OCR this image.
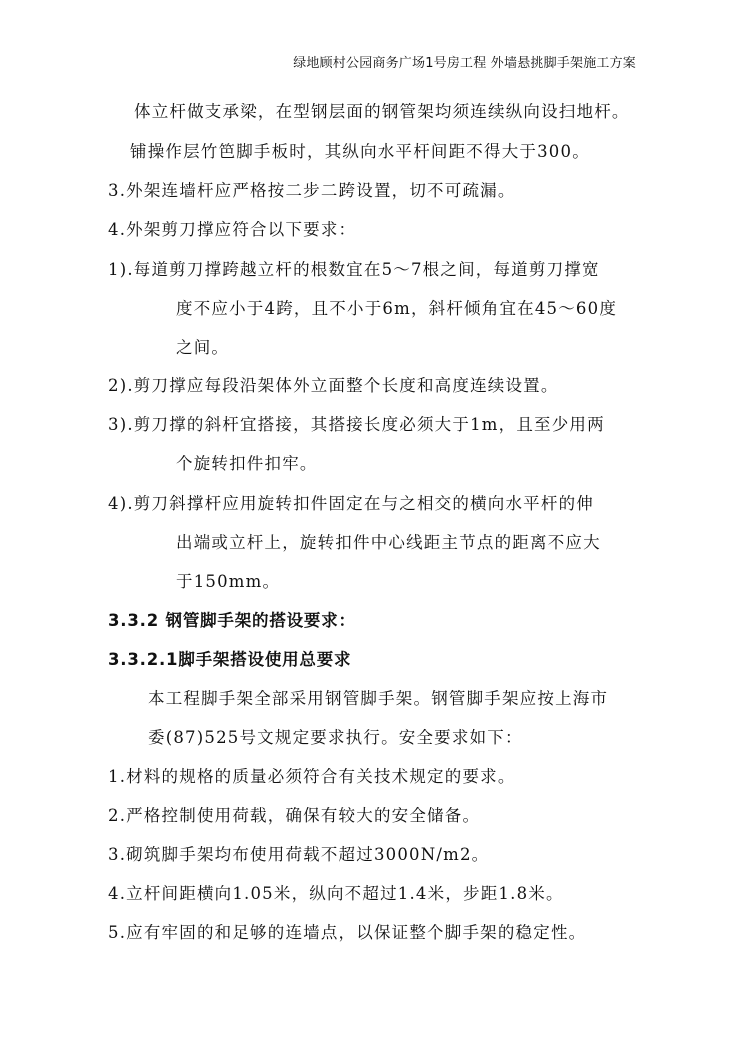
绿地顾村公园商务广场1号房工程 外墙悬挑脚手架施工方案
体立杆做支承梁，在型钢层面的钢管架均须连续纵向设扫地杆。
铺操作层竹笆脚手板时，其纵向水平杆间距不得大于300。
3.外架连墙杆应严格按二步二跨设置，切不可疏漏。
4.外架剪刀撑应符合以下要求：
1).每道剪刀撑跨越立杆的根数宜在5～7根之间，每道剪刀撑宽
度不应小于4跨，且不小于6m，斜杆倾角宜在45～60度
之间。
2).剪刀撑应每段沿架体外立面整个长度和高度连续设置。
3).剪刀撑的斜杆宜搭接，其搭接长度必须大于1m，且至少用两
个旋转扣件扣牢。
4).剪刀斜撑杆应用旋转扣件固定在与之相交的横向水平杆的伸
出端或立杆上，旋转扣件中心线距主节点的距离不应大
于150mm。
3.3.2 钢管脚手架的搭设要求：
3.3.2.1脚手架搭设使用总要求
本工程脚手架全部采用钢管脚手架。钢管脚手架应按上海市
委(87)525号文规定要求执行。安全要求如下：
1.材料的规格的质量必须符合有关技术规定的要求。
2.严格控制使用荷载，确保有较大的安全储备。
3.砌筑脚手架均布使用荷载不超过3000N/m2。
4.立杆间距横向1.05米，纵向不超过1.4米，步距1.8米。
5.应有牢固的和足够的连墙点，以保证整个脚手架的稳定性。
